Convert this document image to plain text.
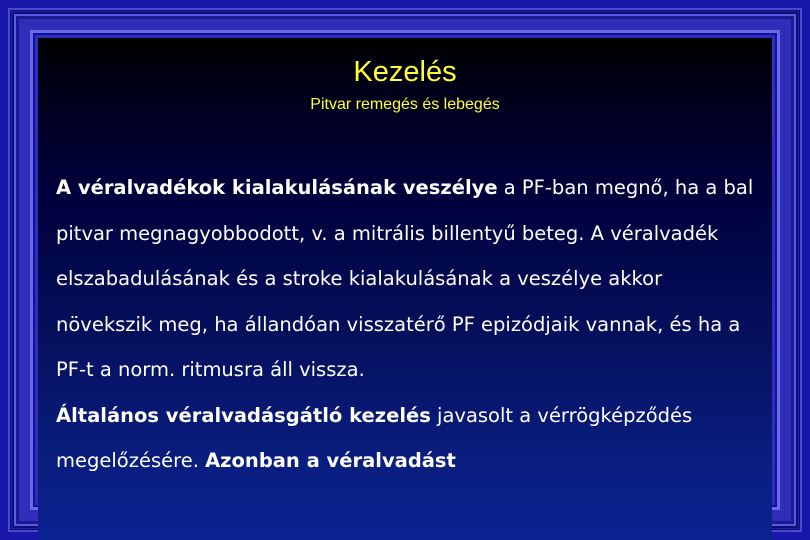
Kezelés
Pitvar remegés és lebegés

A véralvadékok kialakulásának veszélye a PF-ban megnő, ha a bal pitvar megnagyobbodott, v. a mitrális billentyű beteg. A véralvadék elszabadulásának és a stroke kialakulásának a veszélye akkor növekszik meg, ha állandóan visszatérő PF epizódjaik vannak, és ha a PF-t a norm. ritmusra áll vissza.

Általános véralvadásgátló kezelés javasolt a vérrögképződés megelőzésére. Azonban a véralvadást
